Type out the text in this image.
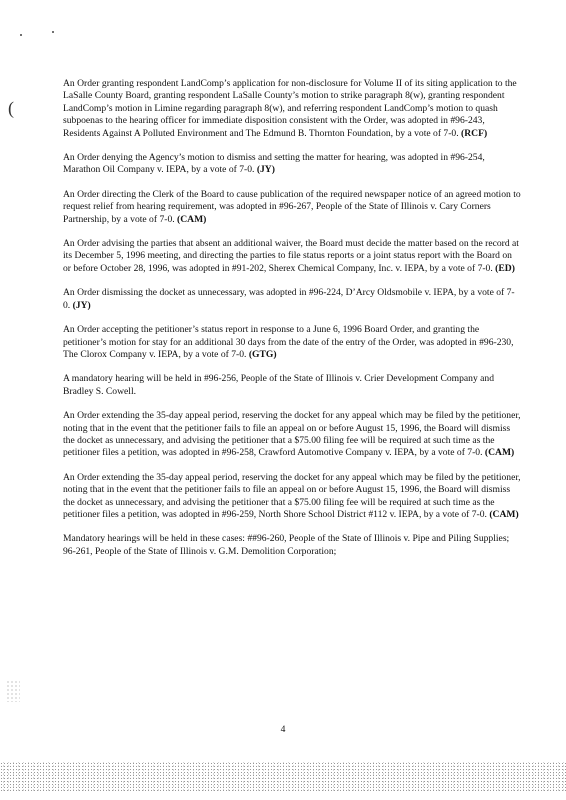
(

An Order granting respondent LandComp’s application for non-disclosure for Volume II of its siting application to the LaSalle County Board, granting respondent LaSalle County’s motion to strike paragraph 8(w), granting respondent LandComp’s motion in Limine regarding paragraph 8(w), and referring respondent LandComp’s motion to quash subpoenas to the hearing officer for immediate disposition consistent with the Order, was adopted in #96-243, Residents Against A Polluted Environment and The Edmund B. Thornton Foundation, by a vote of 7-0. (RCF)

An Order denying the Agency’s motion to dismiss and setting the matter for hearing, was adopted in #96-254, Marathon Oil Company v. IEPA, by a vote of 7-0. (JY)

An Order directing the Clerk of the Board to cause publication of the required newspaper notice of an agreed motion to request relief from hearing requirement, was adopted in #96-267, People of the State of Illinois v. Cary Corners Partnership, by a vote of 7-0. (CAM)

An Order advising the parties that absent an additional waiver, the Board must decide the matter based on the record at its December 5, 1996 meeting, and directing the parties to file status reports or a joint status report with the Board on or before October 28, 1996, was adopted in #91-202, Sherex Chemical Company, Inc. v. IEPA, by a vote of 7-0. (ED)

An Order dismissing the docket as unnecessary, was adopted in #96-224, D’Arcy Oldsmobile v. IEPA, by a vote of 7-0. (JY)

An Order accepting the petitioner’s status report in response to a June 6, 1996 Board Order, and granting the petitioner’s motion for stay for an additional 30 days from the date of the entry of the Order, was adopted in #96-230, The Clorox Company v. IEPA, by a vote of 7-0. (GTG)

A mandatory hearing will be held in #96-256, People of the State of Illinois v. Crier Development Company and Bradley S. Cowell.

An Order extending the 35-day appeal period, reserving the docket for any appeal which may be filed by the petitioner, noting that in the event that the petitioner fails to file an appeal on or before August 15, 1996, the Board will dismiss the docket as unnecessary, and advising the petitioner that a $75.00 filing fee will be required at such time as the petitioner files a petition, was adopted in #96-258, Crawford Automotive Company v. IEPA, by a vote of 7-0. (CAM)

An Order extending the 35-day appeal period, reserving the docket for any appeal which may be filed by the petitioner, noting that in the event that the petitioner fails to file an appeal on or before August 15, 1996, the Board will dismiss the docket as unnecessary, and advising the petitioner that a $75.00 filing fee will be required at such time as the petitioner files a petition, was adopted in #96-259, North Shore School District #112 v. IEPA, by a vote of 7-0. (CAM)

Mandatory hearings will be held in these cases: ##96-260, People of the State of Illinois v. Pipe and Piling Supplies; 96-261, People of the State of Illinois v. G.M. Demolition Corporation;

4
